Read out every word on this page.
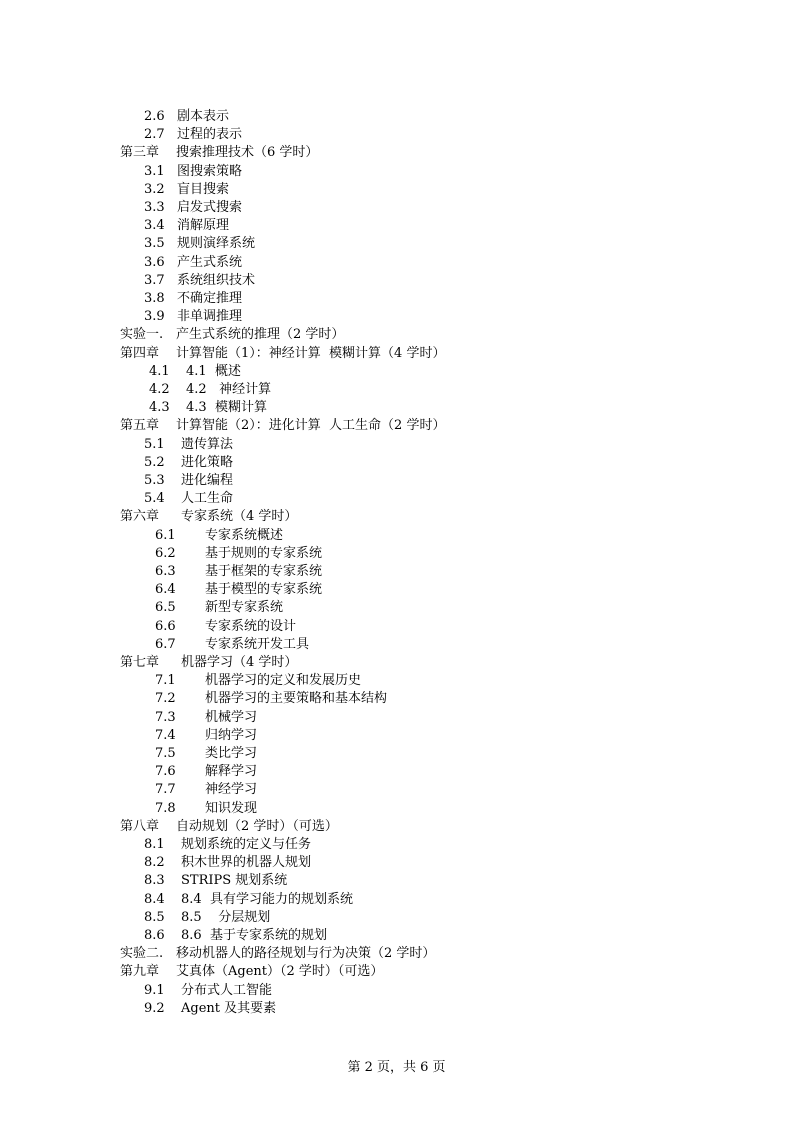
2.6 剧本表示
2.7 过程的表示
第三章 搜索推理技术（6 学时）
3.1 图搜索策略
3.2 盲目搜索
3.3 启发式搜索
3.4 消解原理
3.5 规则演绎系统
3.6 产生式系统
3.7 系统组织技术
3.8 不确定推理
3.9 非单调推理
实验一. 产生式系统的推理（2 学时）
第四章 计算智能（1）：神经计算  模糊计算（4 学时）
4.1 4.1  概述
4.2 4.2   神经计算
4.3 4.3  模糊计算
第五章 计算智能（2）：进化计算  人工生命（2 学时）
5.1 遗传算法
5.2 进化策略
5.3 进化编程
5.4 人工生命
第六章 专家系统（4 学时）
6.1 专家系统概述
6.2 基于规则的专家系统
6.3 基于框架的专家系统
6.4 基于模型的专家系统
6.5 新型专家系统
6.6 专家系统的设计
6.7 专家系统开发工具
第七章 机器学习（4 学时）
7.1 机器学习的定义和发展历史
7.2 机器学习的主要策略和基本结构
7.3 机械学习
7.4 归纳学习
7.5 类比学习
7.6 解释学习
7.7 神经学习
7.8 知识发现
第八章 自动规划（2 学时）（可选）
8.1 规划系统的定义与任务
8.2 积木世界的机器人规划
8.3 STRIPS 规划系统
8.4 8.4  具有学习能力的规划系统
8.5 8.5    分层规划
8.6 8.6  基于专家系统的规划
实验二. 移动机器人的路径规划与行为决策（2 学时）
第九章 艾真体（Agent）（2 学时）（可选）
9.1 分布式人工智能
9.2 Agent 及其要素
第 2 页，共 6 页
